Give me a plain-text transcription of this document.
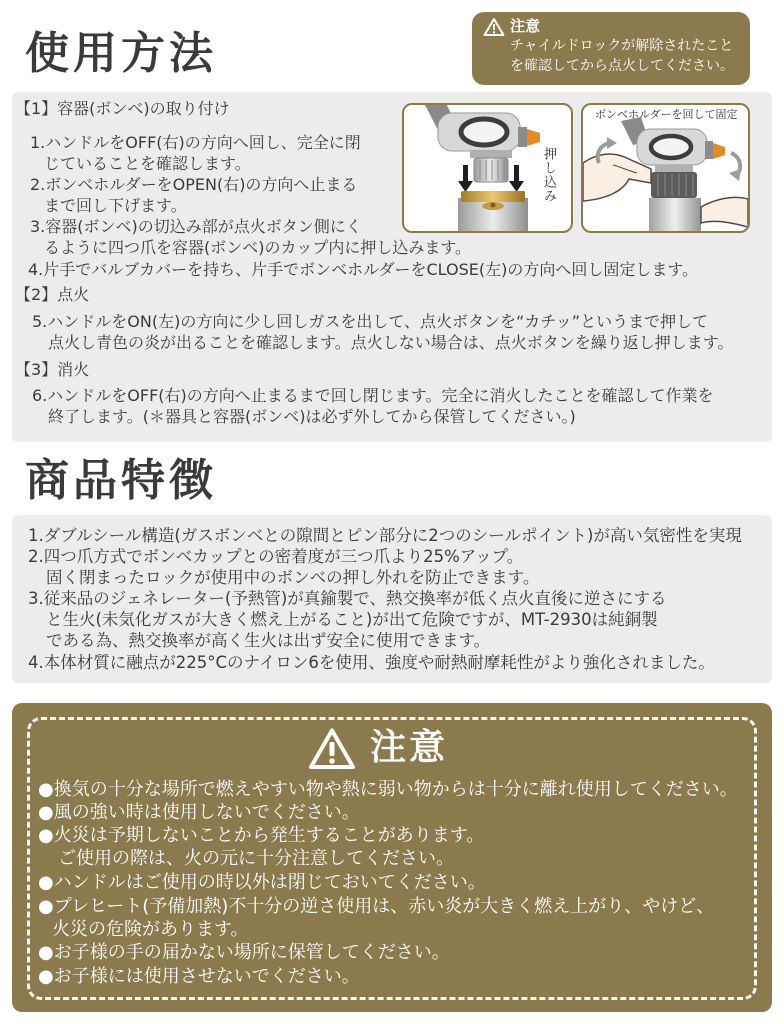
使用方法
注意
チャイルドロックが解除されたこと
を確認してから点火してください。
【1】容器(ボンベ)の取り付け
1.ハンドルをOFF(右)の方向へ回し、完全に閉
じていることを確認します。
2.ボンベホルダーをOPEN(右)の方向へ止まる
まで回し下げます。
3.容器(ボンベ)の切込み部が点火ボタン側にく
るように四つ爪を容器(ボンベ)のカップ内に押し込みます。
4.片手でバルブカバーを持ち、片手でボンベホルダーをCLOSE(左)の方向へ回し固定します。
【2】点火
5.ハンドルをON(左)の方向に少し回しガスを出して、点火ボタンを“カチッ”というまで押して
点火し青色の炎が出ることを確認します。点火しない場合は、点火ボタンを繰り返し押します。
【3】消火
6.ハンドルをOFF(右)の方向へ止まるまで回し閉じます。完全に消火したことを確認して作業を
終了します。(＊器具と容器(ボンベ)は必ず外してから保管してください。)
押し込み
ボンベホルダーを回して固定
商品特徴
1.ダブルシール構造(ガスボンベとの隙間とピン部分に2つのシールポイント)が高い気密性を実現
2.四つ爪方式でボンベカップとの密着度が三つ爪より25%アップ。
固く閉まったロックが使用中のボンベの押し外れを防止できます。
3.従来品のジェネレーター(予熱管)が真鍮製で、熱交換率が低く点火直後に逆さにする
と生火(未気化ガスが大きく燃え上がること)が出て危険ですが、MT-2930は純銅製
である為、熱交換率が高く生火は出ず安全に使用できます。
4.本体材質に融点が225°Cのナイロン6を使用、強度や耐熱耐摩耗性がより強化されました。
注意
●換気の十分な場所で燃えやすい物や熱に弱い物からは十分に離れ使用してください。
●風の強い時は使用しないでください。
●火災は予期しないことから発生することがあります。
ご使用の際は、火の元に十分注意してください。
●ハンドルはご使用の時以外は閉じておいてください。
●プレヒート(予備加熱)不十分の逆さ使用は、赤い炎が大きく燃え上がり、やけど、
火災の危険があります。
●お子様の手の届かない場所に保管してください。
●お子様には使用させないでください。
